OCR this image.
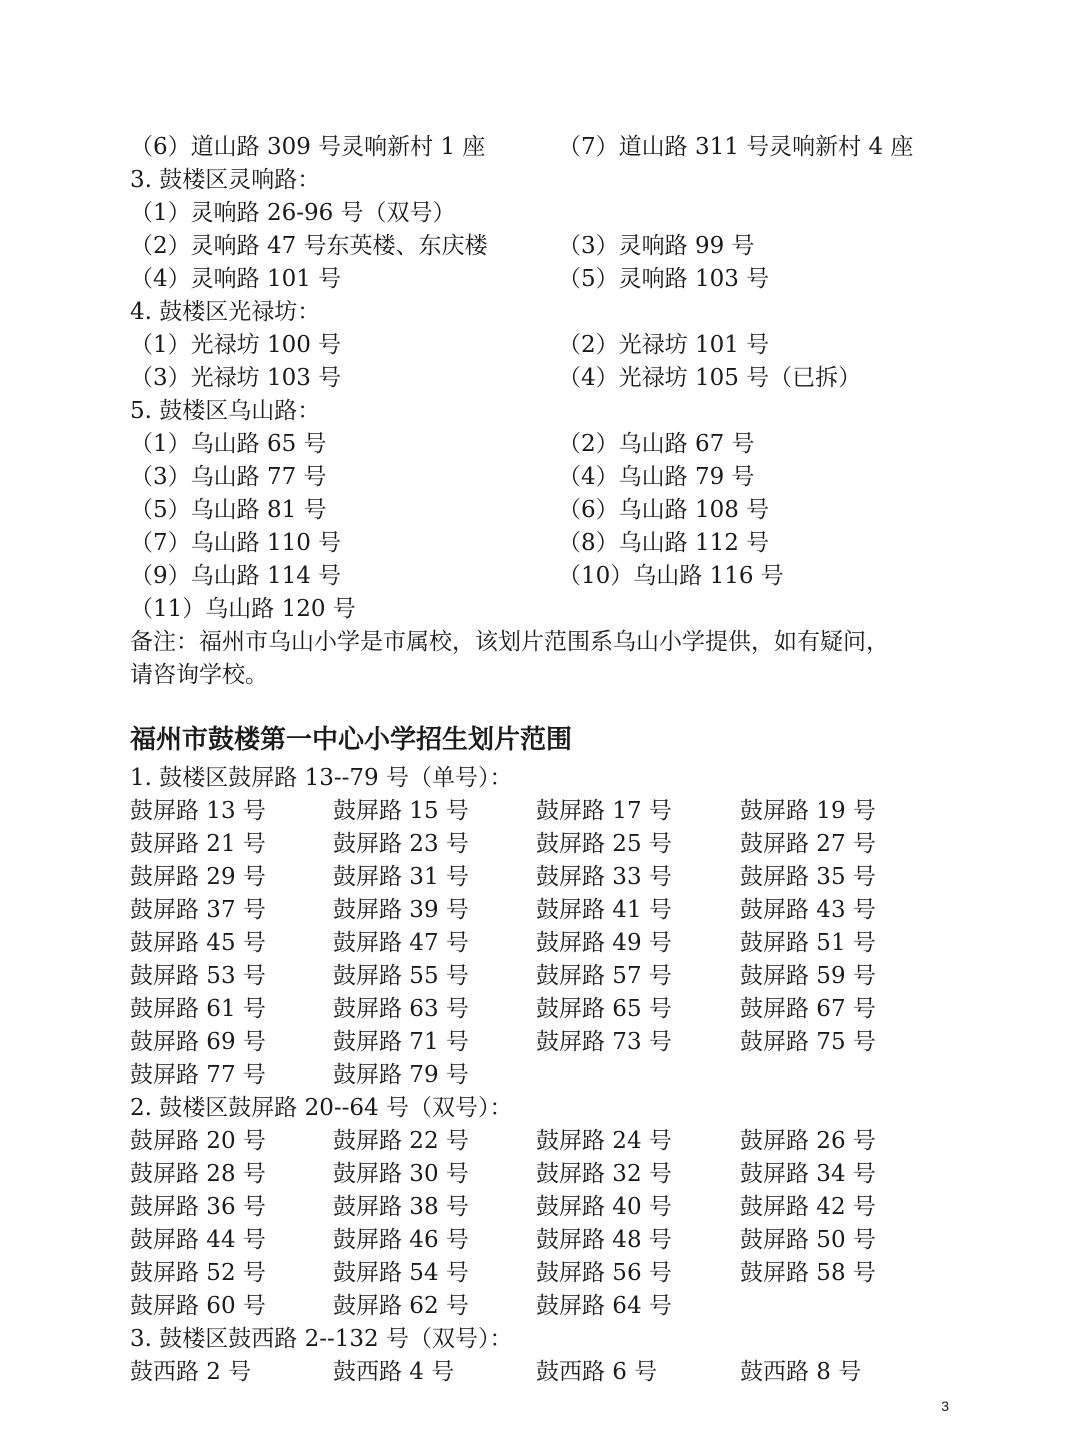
（6）道山路 309 号灵响新村 1 座	（7）道山路 311 号灵响新村 4 座
3. 鼓楼区灵响路：
（1）灵响路 26-96 号（双号）
（2）灵响路 47 号东英楼、东庆楼	（3）灵响路 99 号
（4）灵响路 101 号	（5）灵响路 103 号
4. 鼓楼区光禄坊：
（1）光禄坊 100 号	（2）光禄坊 101 号
（3）光禄坊 103 号	（4）光禄坊 105 号（已拆）
5. 鼓楼区乌山路：
（1）乌山路 65 号	（2）乌山路 67 号
（3）乌山路 77 号	（4）乌山路 79 号
（5）乌山路 81 号	（6）乌山路 108 号
（7）乌山路 110 号	（8）乌山路 112 号
（9）乌山路 114 号	（10）乌山路 116 号
（11）乌山路 120 号
备注：福州市乌山小学是市属校，该划片范围系乌山小学提供，如有疑问，
请咨询学校。
福州市鼓楼第一中心小学招生划片范围
1. 鼓楼区鼓屏路 13--79 号（单号）：
鼓屏路 13 号	鼓屏路 15 号	鼓屏路 17 号	鼓屏路 19 号
鼓屏路 21 号	鼓屏路 23 号	鼓屏路 25 号	鼓屏路 27 号
鼓屏路 29 号	鼓屏路 31 号	鼓屏路 33 号	鼓屏路 35 号
鼓屏路 37 号	鼓屏路 39 号	鼓屏路 41 号	鼓屏路 43 号
鼓屏路 45 号	鼓屏路 47 号	鼓屏路 49 号	鼓屏路 51 号
鼓屏路 53 号	鼓屏路 55 号	鼓屏路 57 号	鼓屏路 59 号
鼓屏路 61 号	鼓屏路 63 号	鼓屏路 65 号	鼓屏路 67 号
鼓屏路 69 号	鼓屏路 71 号	鼓屏路 73 号	鼓屏路 75 号
鼓屏路 77 号	鼓屏路 79 号
2. 鼓楼区鼓屏路 20--64 号（双号）：
鼓屏路 20 号	鼓屏路 22 号	鼓屏路 24 号	鼓屏路 26 号
鼓屏路 28 号	鼓屏路 30 号	鼓屏路 32 号	鼓屏路 34 号
鼓屏路 36 号	鼓屏路 38 号	鼓屏路 40 号	鼓屏路 42 号
鼓屏路 44 号	鼓屏路 46 号	鼓屏路 48 号	鼓屏路 50 号
鼓屏路 52 号	鼓屏路 54 号	鼓屏路 56 号	鼓屏路 58 号
鼓屏路 60 号	鼓屏路 62 号	鼓屏路 64 号
3. 鼓楼区鼓西路 2--132 号（双号）：
鼓西路 2 号	鼓西路 4 号	鼓西路 6 号	鼓西路 8 号
3
